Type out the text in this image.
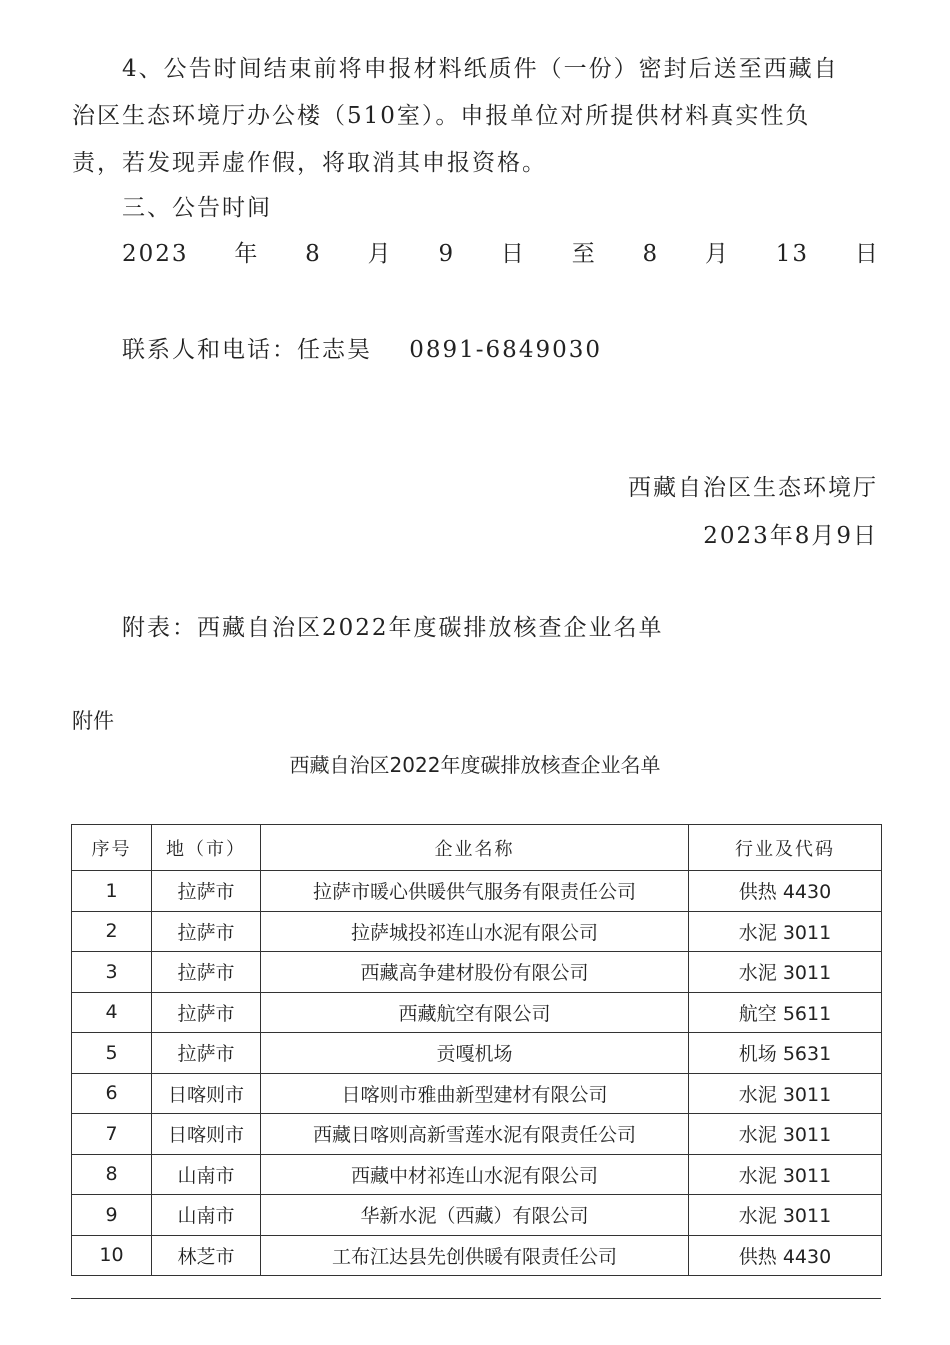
4、公告时间结束前将申报材料纸质件（一份）密封后送至西藏自
治区生态环境厅办公楼（510室）。申报单位对所提供材料真实性负
责，若发现弄虚作假，将取消其申报资格。
三、公告时间
2023 年 8 月 9 日 至 8 月 13 日
联系人和电话：任志昊    0891-6849030
西藏自治区生态环境厅
2023年8月9日
附表：西藏自治区2022年度碳排放核查企业名单
附件
西藏自治区2022年度碳排放核查企业名单
序号	地（市）	企业名称	行业及代码
1	拉萨市	拉萨市暖心供暖供气服务有限责任公司	供热 4430
2	拉萨市	拉萨城投祁连山水泥有限公司	水泥 3011
3	拉萨市	西藏高争建材股份有限公司	水泥 3011
4	拉萨市	西藏航空有限公司	航空 5611
5	拉萨市	贡嘎机场	机场 5631
6	日喀则市	日喀则市雅曲新型建材有限公司	水泥 3011
7	日喀则市	西藏日喀则高新雪莲水泥有限责任公司	水泥 3011
8	山南市	西藏中材祁连山水泥有限公司	水泥 3011
9	山南市	华新水泥（西藏）有限公司	水泥 3011
10	林芝市	工布江达县先创供暖有限责任公司	供热 4430
